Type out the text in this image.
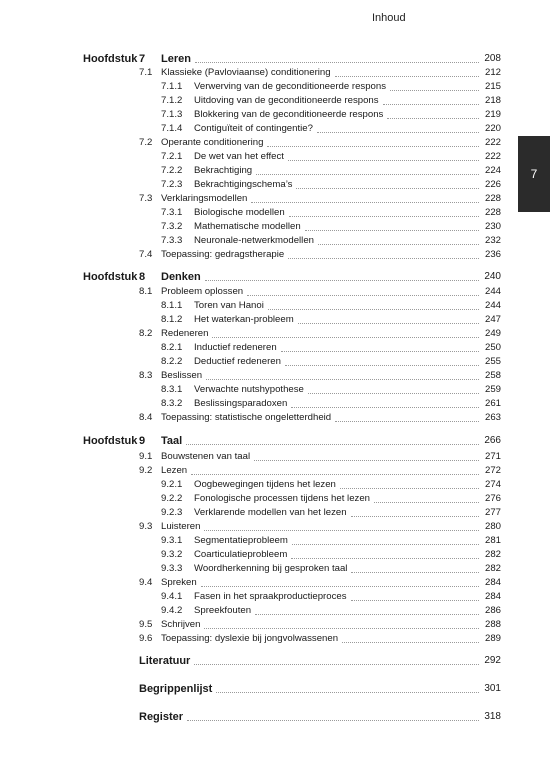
Inhoud
7
Hoofdstuk 7 Leren	208
7.1 Klassieke (Pavloviaanse) conditionering	212
7.1.1 Verwerving van de geconditioneerde respons	215
7.1.2 Uitdoving van de geconditioneerde respons	218
7.1.3 Blokkering van de geconditioneerde respons	219
7.1.4 Contiguïteit of contingentie?	220
7.2 Operante conditionering	222
7.2.1 De wet van het effect	222
7.2.2 Bekrachtiging	224
7.2.3 Bekrachtigingschema’s	226
7.3 Verklaringsmodellen	228
7.3.1 Biologische modellen	228
7.3.2 Mathematische modellen	230
7.3.3 Neuronale-netwerkmodellen	232
7.4 Toepassing: gedragstherapie	236
Hoofdstuk 8 Denken	240
8.1 Probleem oplossen	244
8.1.1 Toren van Hanoi	244
8.1.2 Het waterkan-probleem	247
8.2 Redeneren	249
8.2.1 Inductief redeneren	250
8.2.2 Deductief redeneren	255
8.3 Beslissen	258
8.3.1 Verwachte nutshypothese	259
8.3.2 Beslissingsparadoxen	261
8.4 Toepassing: statistische ongeletterdheid	263
Hoofdstuk 9 Taal	266
9.1 Bouwstenen van taal	271
9.2 Lezen	272
9.2.1 Oogbewegingen tijdens het lezen	274
9.2.2 Fonologische processen tijdens het lezen	276
9.2.3 Verklarende modellen van het lezen	277
9.3 Luisteren	280
9.3.1 Segmentatieprobleem	281
9.3.2 Coarticulatieprobleem	282
9.3.3 Woordherkenning bij gesproken taal	282
9.4 Spreken	284
9.4.1 Fasen in het spraakproductieproces	284
9.4.2 Spreekfouten	286
9.5 Schrijven	288
9.6 Toepassing: dyslexie bij jongvolwassenen	289
Literatuur	292
Begrippenlijst	301
Register	318
